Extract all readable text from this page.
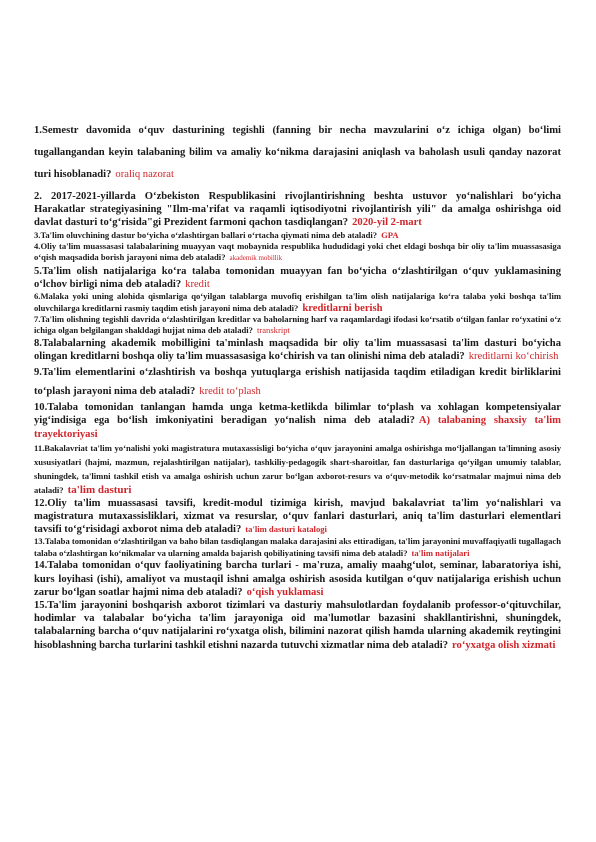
1.Semestr davomida o‘quv dasturining tegishli (fanning bir necha mavzularini o‘z ichiga olgan) bo‘limi tugallangandan keyin talabaning bilim va amaliy ko‘nikma darajasini aniqlash va baholash usuli qanday nazorat turi hisoblanadi? oraliq nazorat

2. 2017-2021-yillarda O‘zbekiston Respublikasini rivojlantirishning beshta ustuvor yo‘nalishlari bo‘yicha Harakatlar strategiyasining "Ilm-ma'rifat va raqamli iqtisodiyotni rivojlantirish yili" da amalga oshirishga oid davlat dasturi to‘g‘risida"gi Prezident farmoni qachon tasdiqlangan? 2020-yil 2-mart

3.Ta'lim oluvchining dastur bo‘yicha o‘zlashtirgan ballari o‘rtacha qiymati nima deb ataladi? GPA

4.Oliy ta'lim muassasasi talabalarining muayyan vaqt mobaynida respublika hududidagi yoki chet eldagi boshqa bir oliy ta'lim muassasasiga o‘qish maqsadida borish jarayoni nima deb ataladi? akademik mobillik

5.Ta'lim olish natijalariga ko‘ra talaba tomonidan muayyan fan bo‘yicha o‘zlashtirilgan o‘quv yuklamasining o‘lchov birligi nima deb ataladi? kredit

6.Malaka yoki uning alohida qismlariga qo‘yilgan talablarga muvofiq erishilgan ta'lim olish natijalariga ko‘ra talaba yoki boshqa ta'lim oluvchilarga kreditlarni rasmiy taqdim etish jarayoni nima deb ataladi? kreditlarni berish

7.Ta'lim olishning tegishli davrida o‘zlashtirilgan kreditlar va baholarning harf va raqamlardagi ifodasi ko‘rsatib o‘tilgan fanlar ro‘yxatini o‘z ichiga olgan belgilangan shakldagi hujjat nima deb ataladi? transkript

8.Talabalarning akademik mobilligini ta'minlash maqsadida bir oliy ta'lim muassasasi ta'lim dasturi bo‘yicha olingan kreditlarni boshqa oliy ta'lim muassasasiga ko‘chirish va tan olinishi nima deb ataladi? kreditlarni ko‘chirish

9.Ta'lim elementlarini o‘zlashtirish va boshqa yutuqlarga erishish natijasida taqdim etiladigan kredit birliklarini to‘plash jarayoni nima deb ataladi? kredit to‘plash

10.Talaba tomonidan tanlangan hamda unga ketma-ketlikda bilimlar to‘plash va xohlagan kompetensiyalar yig‘indisiga ega bo‘lish imkoniyatini beradigan yo‘nalish nima deb ataladi? A) talabaning shaxsiy ta'lim trayektoriyasi

11.Bakalavriat ta'lim yo‘nalishi yoki magistratura mutaxassisligi bo‘yicha o‘quv jarayonini amalga oshirishga mo‘ljallangan ta'limning asosiy xususiyatlari (hajmi, mazmun, rejalashtirilgan natijalar), tashkiliy-pedagogik shart-sharoitlar, fan dasturlariga qo‘yilgan umumiy talablar, shuningdek, ta'limni tashkil etish va amalga oshirish uchun zarur bo‘lgan axborot-resurs va o‘quv-metodik ko‘rsatmalar majmui nima deb ataladi? ta'lim dasturi

12.Oliy ta'lim muassasasi tavsifi, kredit-modul tizimiga kirish, mavjud bakalavriat ta'lim yo‘nalishlari va magistratura mutaxassisliklari, xizmat va resurslar, o‘quv fanlari dasturlari, aniq ta'lim dasturlari elementlari tavsifi to‘g‘risidagi axborot nima deb ataladi? ta'lim dasturi katalogi

13.Talaba tomonidan o‘zlashtirilgan va baho bilan tasdiqlangan malaka darajasini aks ettiradigan, ta'lim jarayonini muvaffaqiyatli tugallagach talaba o‘zlashtirgan ko‘nikmalar va ularning amalda bajarish qobiliyatining tavsifi nima deb ataladi? ta'lim natijalari

14.Talaba tomonidan o‘quv faoliyatining barcha turlari - ma'ruza, amaliy maahg‘ulot, seminar, labaratoriya ishi, kurs loyihasi (ishi), amaliyot va mustaqil ishni amalga oshirish asosida kutilgan o‘quv natijalariga erishish uchun zarur bo‘lgan soatlar hajmi nima deb ataladi? o‘qish yuklamasi

15.Ta'lim jarayonini boshqarish axborot tizimlari va dasturiy mahsulotlardan foydalanib professor-o‘qituvchilar, hodimlar va talabalar bo‘yicha ta'lim jarayoniga oid ma'lumotlar bazasini shakllantirishni, shuningdek, talabalarning barcha o‘quv natijalarini ro‘yxatga olish, bilimini nazorat qilish hamda ularning akademik reytingini hisoblashning barcha turlarini tashkil etishni nazarda tutuvchi xizmatlar nima deb ataladi? ro‘yxatga olish xizmati
